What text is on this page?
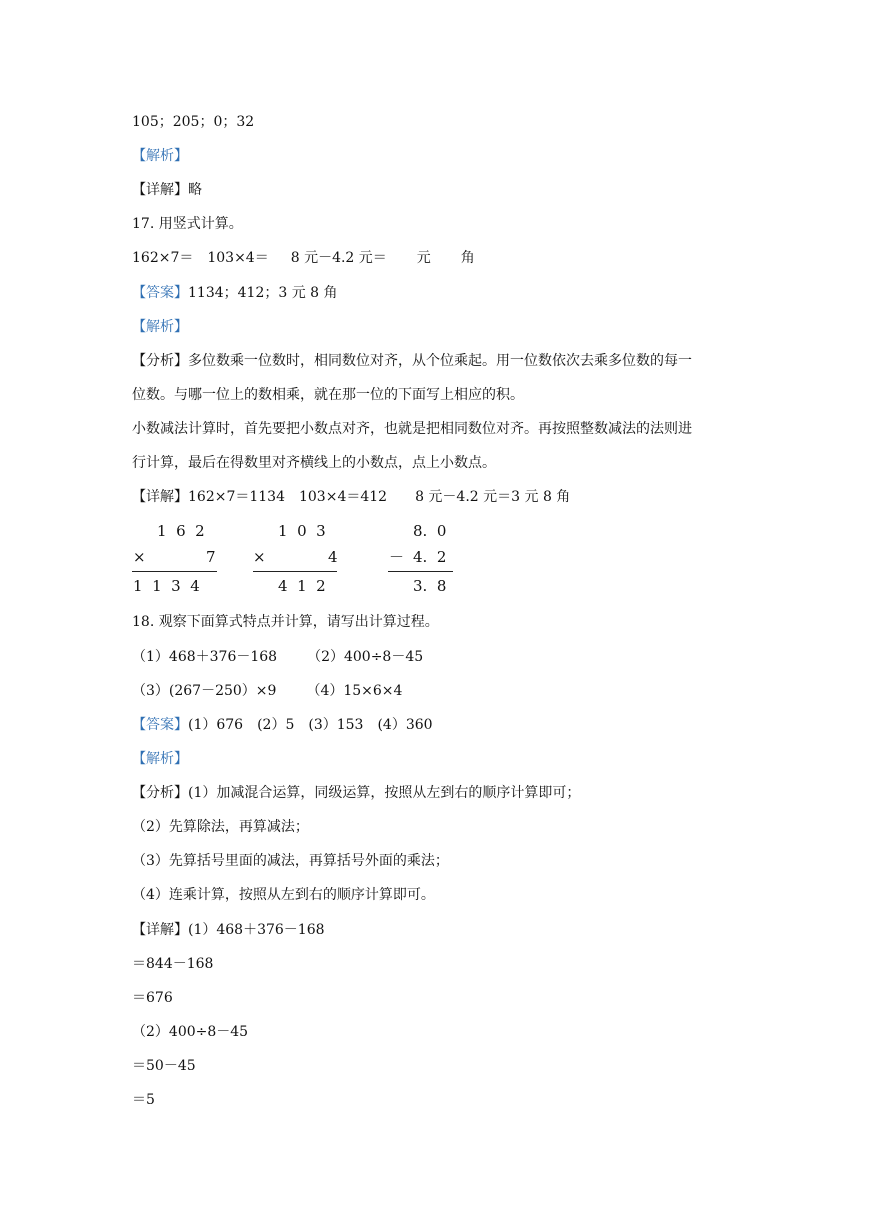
105；205；0；32
【解析】
【详解】略
17. 用竖式计算。
162×7＝ 103×4＝ 8 元－4.2 元＝ 元 角
【答案】1134；412；3 元 8 角
【解析】
【分析】多位数乘一位数时，相同数位对齐，从个位乘起。用一位数依次去乘多位数的每一
位数。与哪一位上的数相乘，就在那一位的下面写上相应的积。
小数减法计算时，首先要把小数点对齐，也就是把相同数位对齐。再按照整数减法的法则进
行计算，最后在得数里对齐横线上的小数点，点上小数点。
【详解】162×7＝1134　103×4＝412　　8 元－4.2 元＝3 元 8 角
1  6  2
×	7
1  1  3  4
1  0  3
×	4
4  1  2
8.  0
－ 4.  2
3.  8
18. 观察下面算式特点并计算，请写出计算过程。
（1）468＋376－168 （2）400÷8－45
（3）(267－250）×9 （4）15×6×4
【答案】(1）676　(2）5　(3）153　(4）360
【解析】
【分析】(1）加减混合运算，同级运算，按照从左到右的顺序计算即可；
（2）先算除法，再算减法；
（3）先算括号里面的减法，再算括号外面的乘法；
（4）连乘计算，按照从左到右的顺序计算即可。
【详解】(1）468＋376－168
＝844－168
＝676
（2）400÷8－45
＝50－45
＝5
